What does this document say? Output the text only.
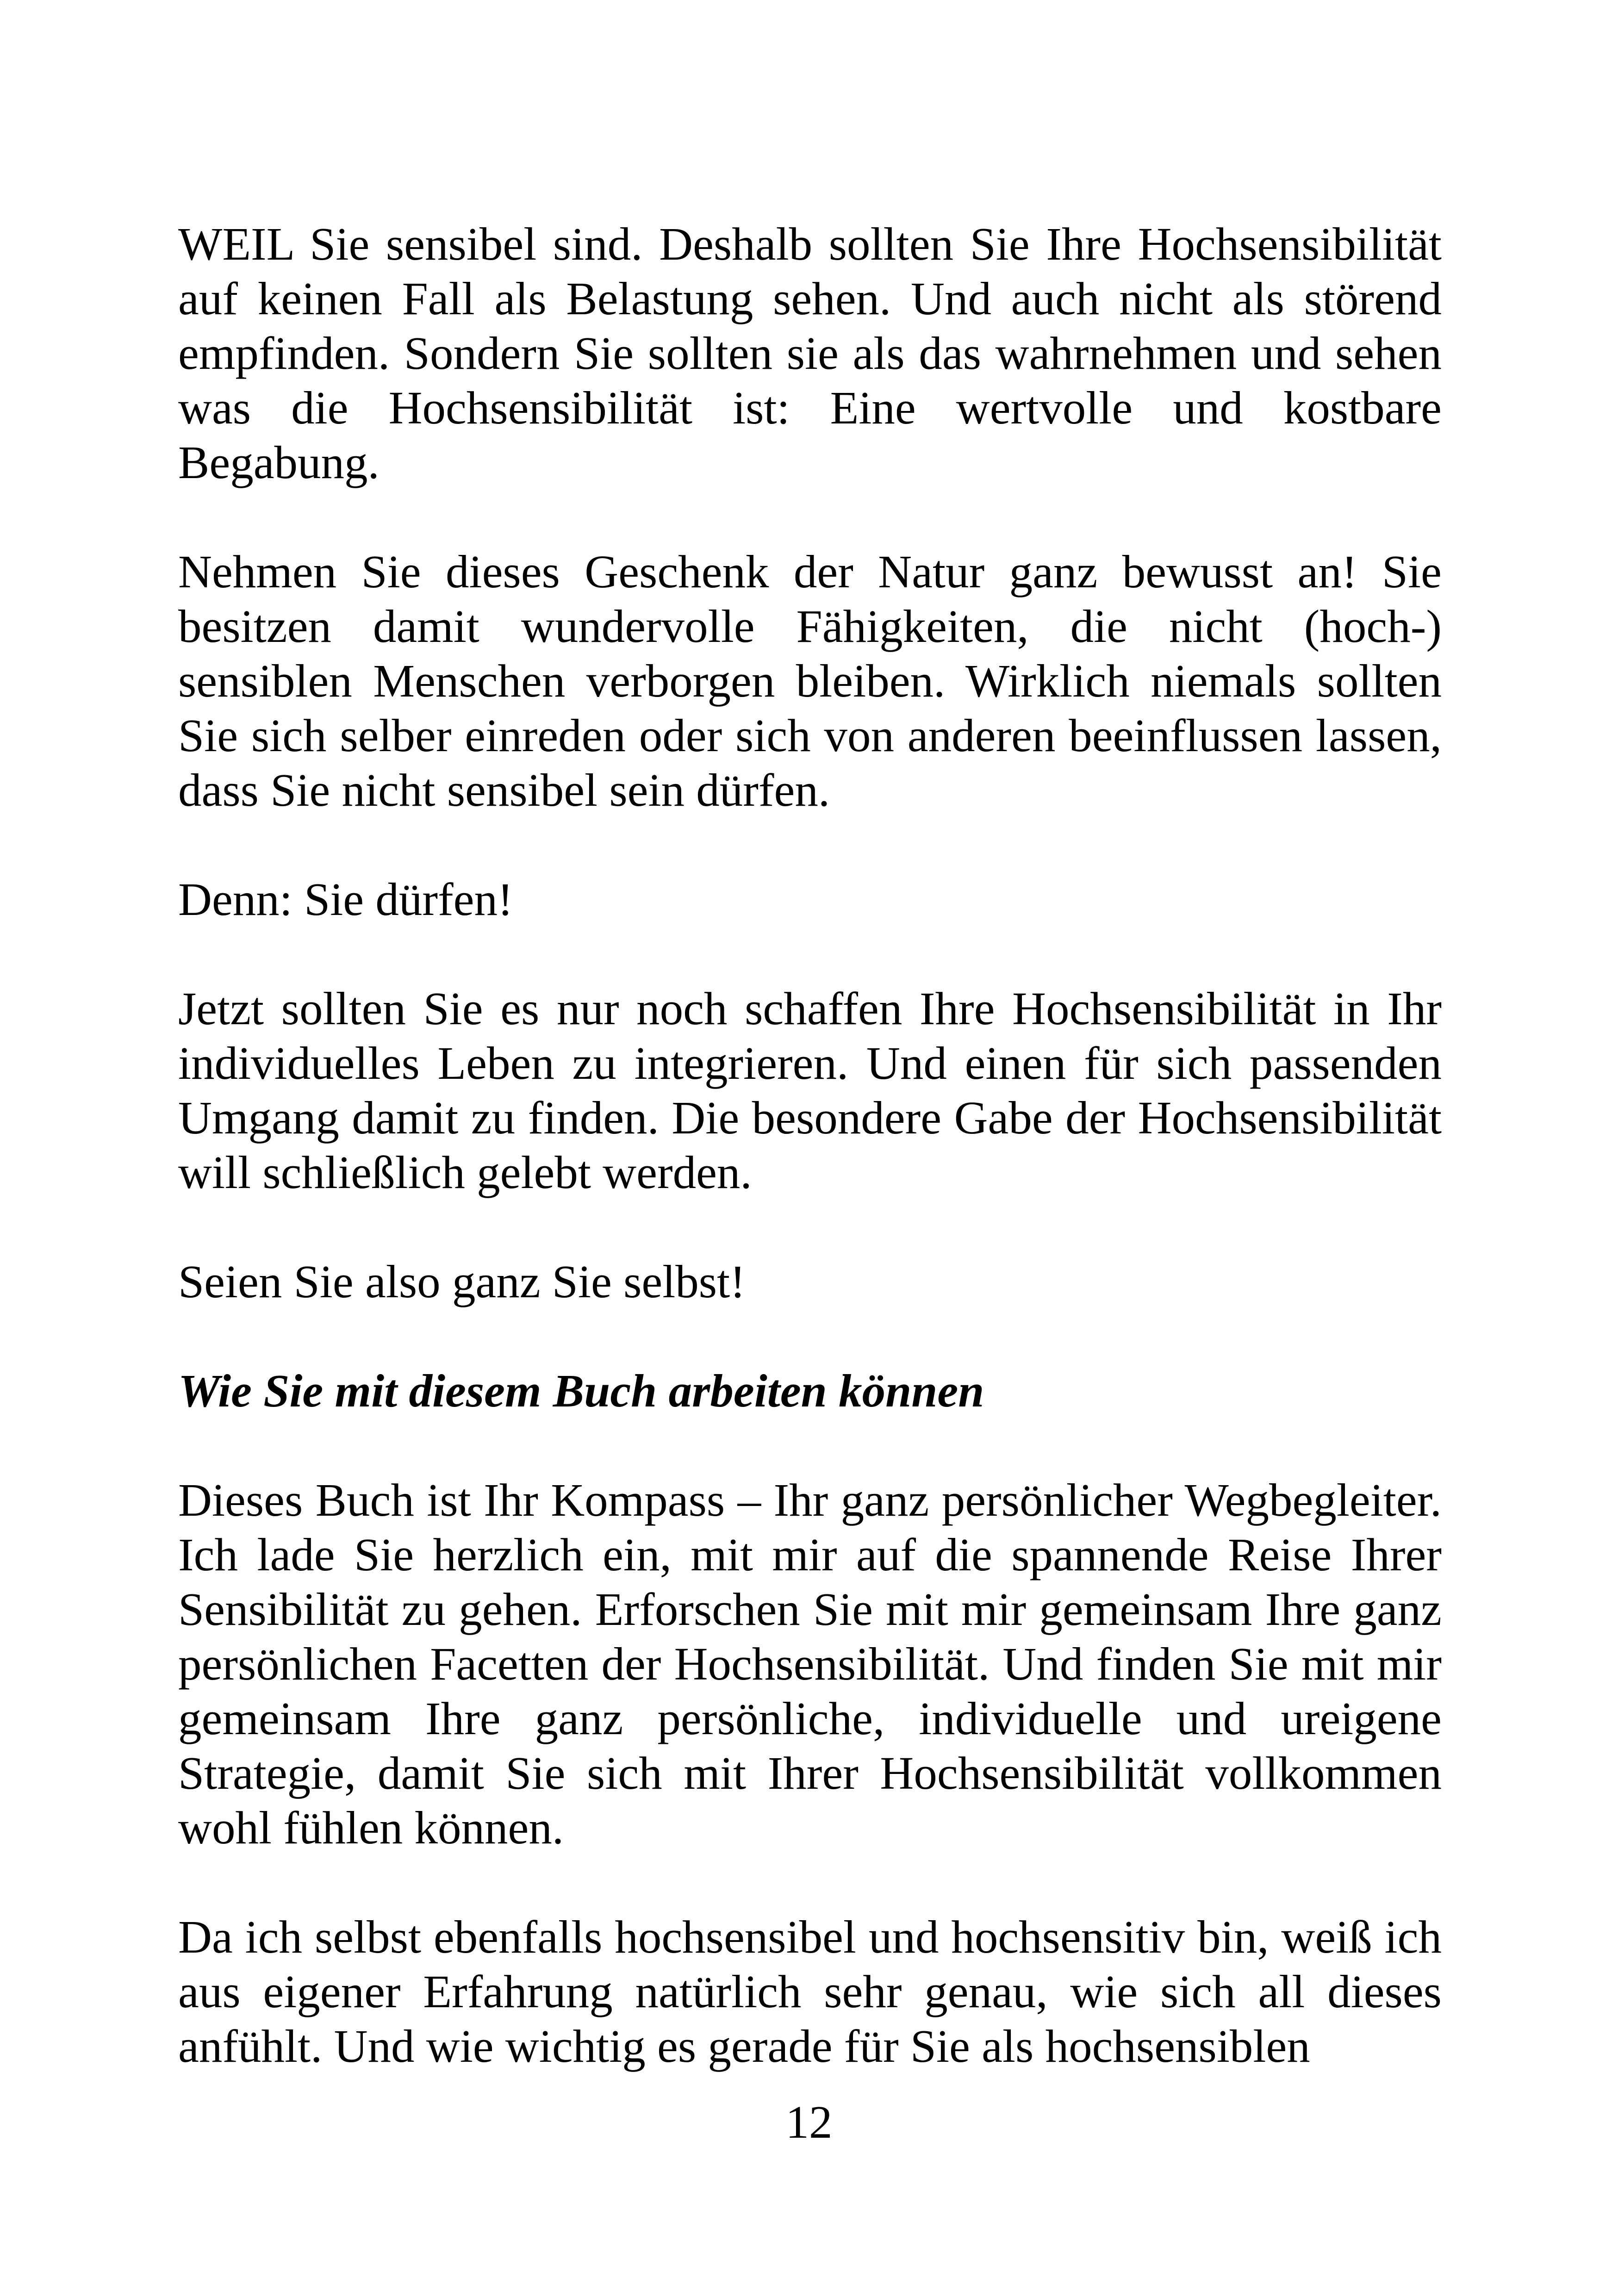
WEIL Sie sensibel sind. Deshalb sollten Sie Ihre Hochsensibilität auf keinen Fall als Belastung sehen. Und auch nicht als störend empfinden. Sondern Sie sollten sie als das wahrnehmen und sehen was die Hochsensibilität ist: Eine wertvolle und kostbare Begabung.

Nehmen Sie dieses Geschenk der Natur ganz bewusst an! Sie besitzen damit wundervolle Fähigkeiten, die nicht (hoch-) sensiblen Menschen verborgen bleiben. Wirklich niemals sollten Sie sich selber einreden oder sich von anderen beeinflussen lassen, dass Sie nicht sensibel sein dürfen.

Denn: Sie dürfen!

Jetzt sollten Sie es nur noch schaffen Ihre Hochsensibilität in Ihr individuelles Leben zu integrieren. Und einen für sich passenden Umgang damit zu finden. Die besondere Gabe der Hochsensibilität will schließlich gelebt werden.

Seien Sie also ganz Sie selbst!

Wie Sie mit diesem Buch arbeiten können

Dieses Buch ist Ihr Kompass – Ihr ganz persönlicher Wegbegleiter. Ich lade Sie herzlich ein, mit mir auf die spannende Reise Ihrer Sensibilität zu gehen. Erforschen Sie mit mir gemeinsam Ihre ganz persönlichen Facetten der Hochsensibilität. Und finden Sie mit mir gemeinsam Ihre ganz persönliche, individuelle und ureigene Strategie, damit Sie sich mit Ihrer Hochsensibilität vollkommen wohl fühlen können.

Da ich selbst ebenfalls hochsensibel und hochsensitiv bin, weiß ich aus eigener Erfahrung natürlich sehr genau, wie sich all dieses anfühlt. Und wie wichtig es gerade für Sie als hochsensiblen

12
